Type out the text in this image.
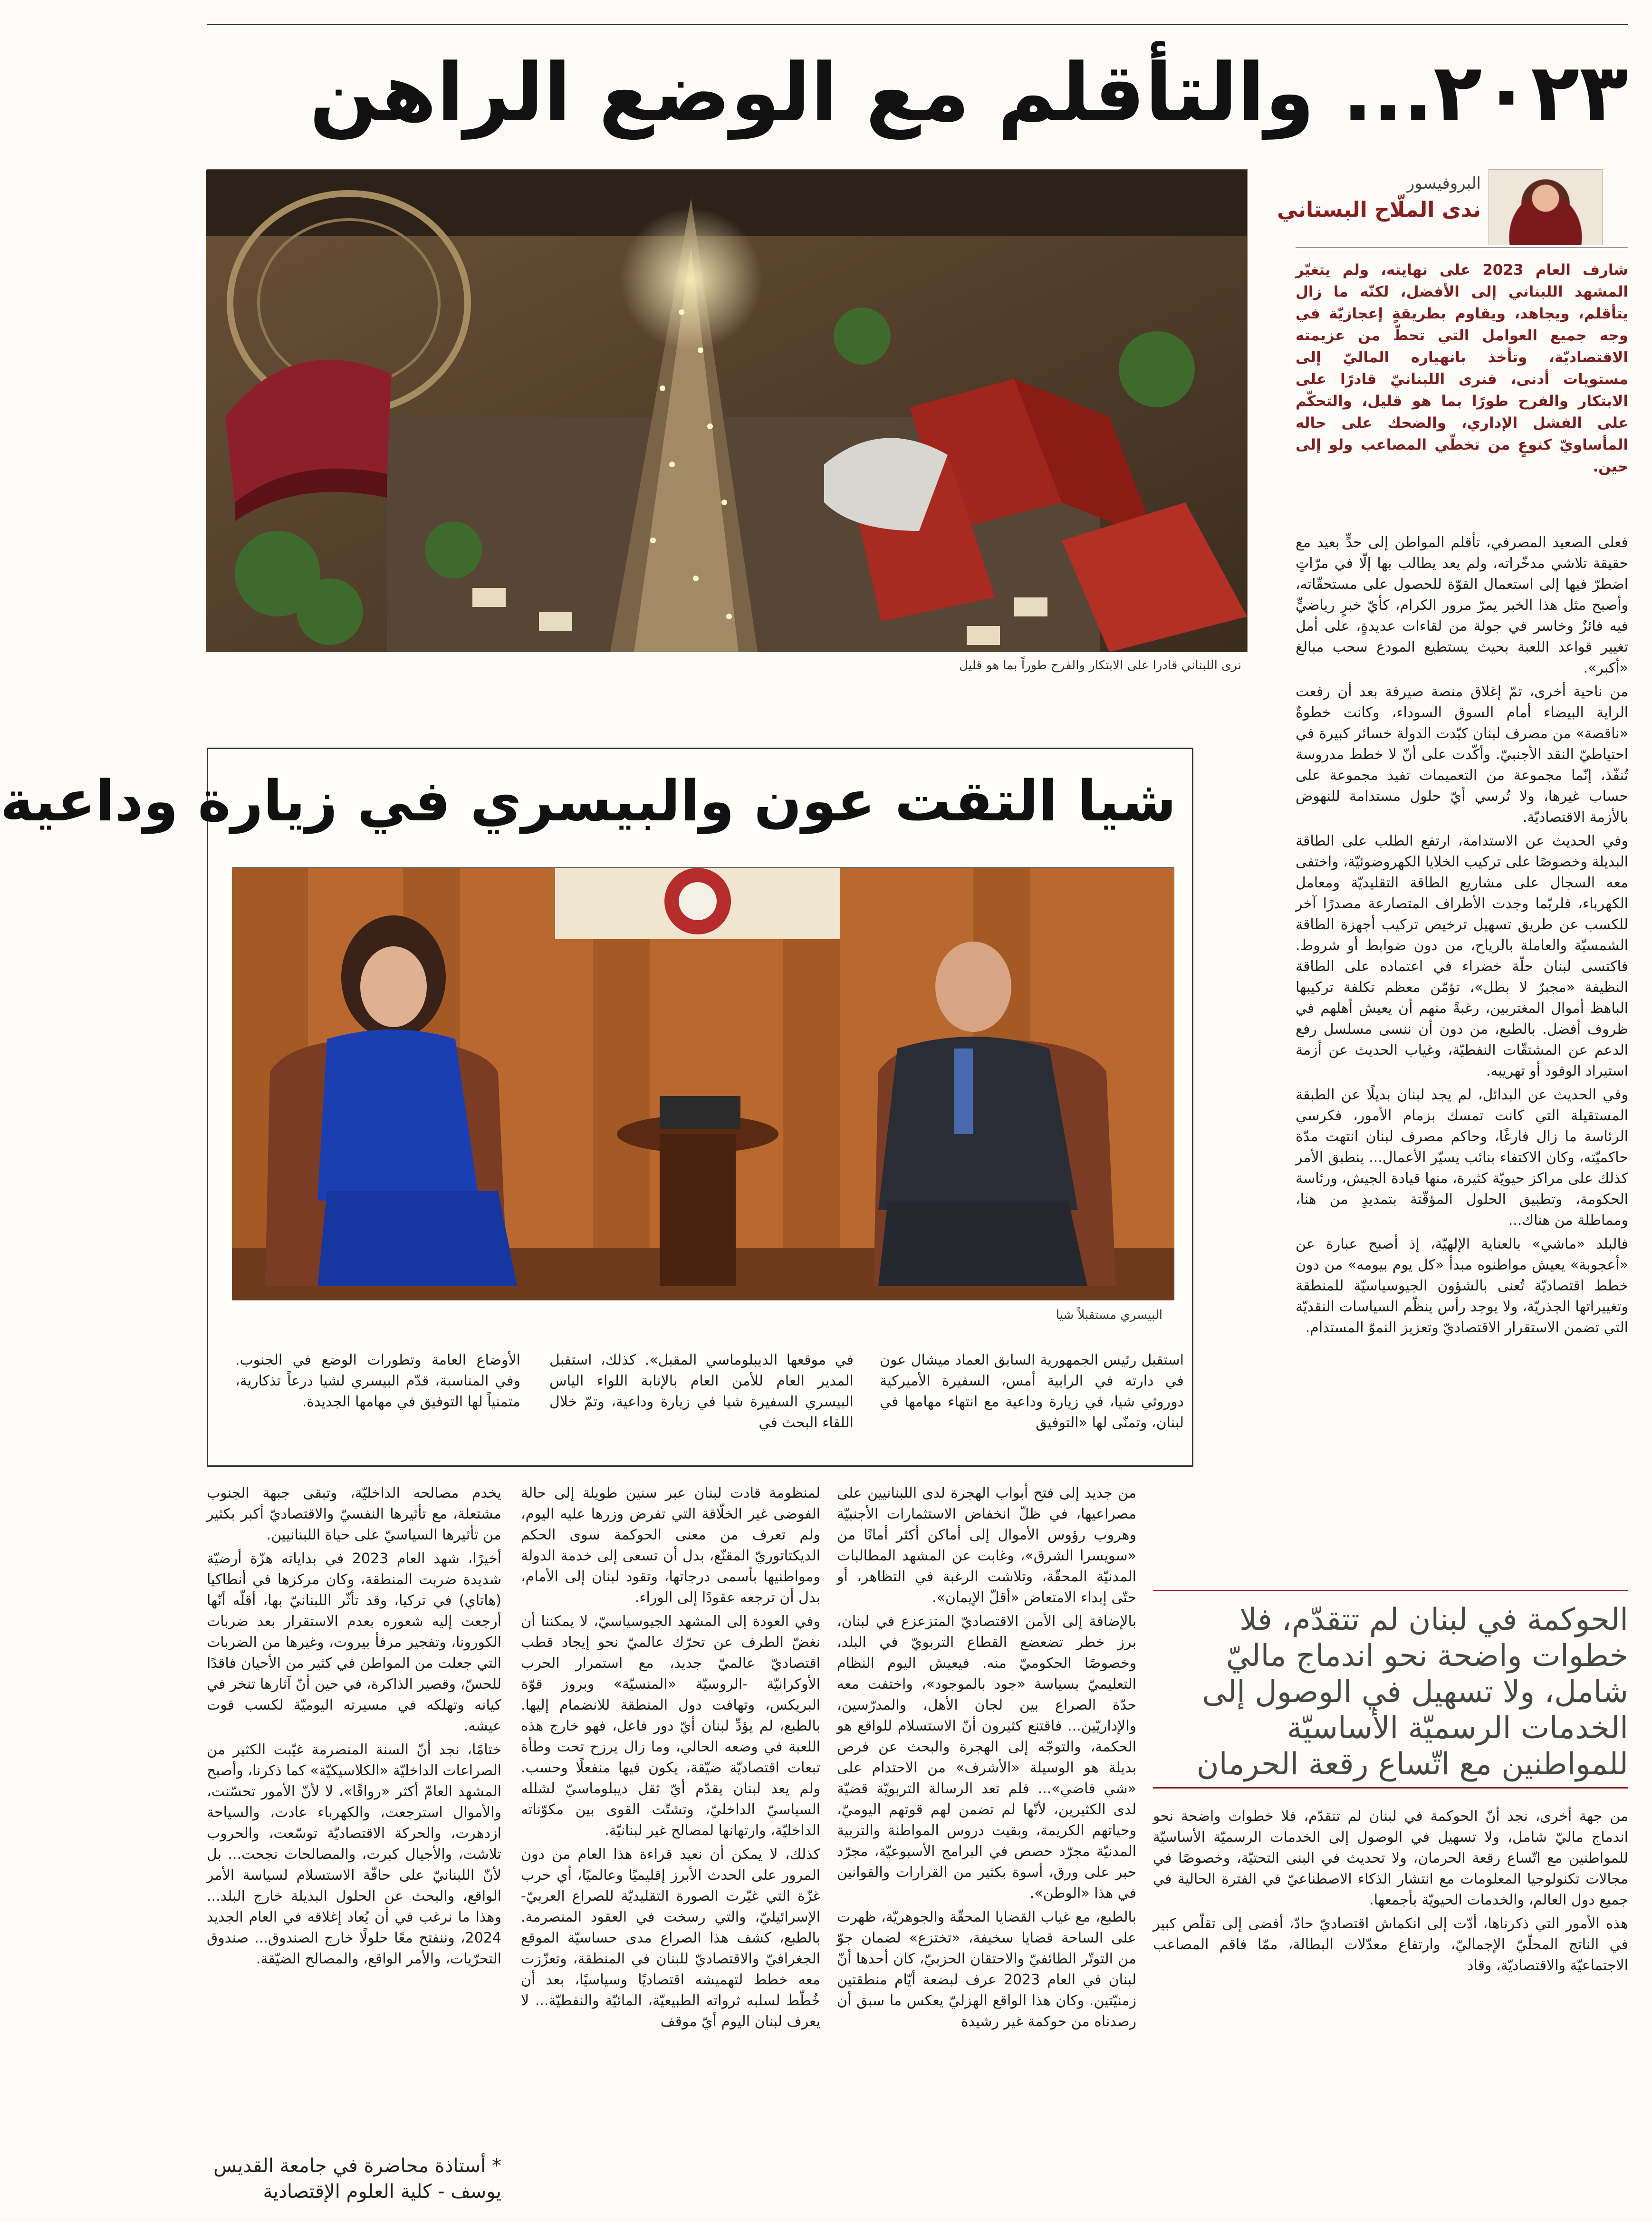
٢٠٢٣... والتأقلم مع الوضع الراهن
البروفيسور
ندى الملّاح البستاني

شارف العام 2023 على نهايته، ولم يتغيّر المشهد اللبناني إلى الأفضل، لكنّه ما زال يتأقلم، ويجاهد، ويقاوم بطريقةٍ إعجازيّة في وجه جميع العوامل التي تحطّ من عزيمته الاقتصاديّة، وتأخذ بانهياره الماليّ إلى مستويات أدنى، فنرى اللبنانيّ قادرًا على الابتكار والفرح طورًا بما هو قليل، والتحكّم على الفشل الإداري، والضحك على حاله المأساويّ كنوعٍ من تخطّي المصاعب ولو إلى حين.

نرى اللبناني قادرا على الابتكار والفرح طوراً بما هو قليل

فعلى الصعيد المصرفي، تأقلم المواطن إلى حدٍّ بعيد مع حقيقة تلاشي مدخّراته، ولم يعد يطالب بها إلّا في مرّاتٍ اضطرّ فيها إلى استعمال القوّة للحصول على مستحقّاته، وأصبح مثل هذا الخبر يمرّ مرور الكرام، كأيّ خبرٍ رياضيٍّ فيه فائزٌ وخاسر في جولة من لقاءات عديدةٍ، على أمل تغيير قواعد اللعبة بحيث يستطيع المودع سحب مبالغ «أكبر».

من ناحية أخرى، تمّ إغلاق منصة صيرفة بعد أن رفعت الراية البيضاء أمام السوق السوداء، وكانت خطوةٌ «ناقصة» من مصرف لبنان كبّدت الدولة خسائر كبيرة في احتياطيّ النقد الأجنبيّ. وأكّدت على أنّ لا خطط مدروسة تُنفّذ، إنّما مجموعة من التعميمات تفيد مجموعة على حساب غيرها، ولا تُرسي أيّ حلول مستدامة للنهوض بالأزمة الاقتصاديّة.

وفي الحديث عن الاستدامة، ارتفع الطلب على الطاقة البديلة وخصوصًا على تركيب الخلايا الكهروضوئيّة، واختفى معه السجال على مشاريع الطاقة التقليديّة ومعامل الكهرباء، فلربّما وجدت الأطراف المتصارعة مصدرًا آخر للكسب عن طريق تسهيل ترخيص تركيب أجهزة الطاقة الشمسيّة والعاملة بالرياح، من دون ضوابط أو شروط. فاكتسى لبنان حلّة خضراء في اعتماده على الطاقة النظيفة «مجبرٌ لا بطل»، تؤمّن معظم تكلفة تركيبها الباهظ أموال المغتربين، رغبةً منهم أن يعيش أهلهم في ظروف أفضل. بالطبع، من دون أن ننسى مسلسل رفع الدعم عن المشتقّات النفطيّة، وغياب الحديث عن أزمة استيراد الوقود أو تهريبه.

وفي الحديث عن البدائل، لم يجد لبنان بديلًا عن الطبقة المستقيلة التي كانت تمسك بزمام الأمور، فكرسي الرئاسة ما زال فارغًا، وحاكم مصرف لبنان انتهت مدّة حاكميّته، وكان الاكتفاء بنائب يسيّر الأعمال... ينطبق الأمر كذلك على مراكز حيويّة كثيرة، منها قيادة الجيش، ورئاسة الحكومة، وتطبيق الحلول المؤقّتة بتمديدٍ من هنا، ومماطلة من هناك...

فالبلد «ماشي» بالعناية الإلهيّة، إذ أصبح عبارة عن «أعجوبة» يعيش مواطنوه مبدأ «كل يوم بيومه» من دون خطط اقتصاديّة تُعنى بالشؤون الجيوسياسيّة للمنطقة وتغييراتها الجذريّة، ولا يوجد رأس ينظّم السياسات النقديّة التي تضمن الاستقرار الاقتصاديّ وتعزيز النموّ المستدام.

شيا التقت عون والبيسري في زيارة وداعية
البيسري مستقبلاً شيا

استقبل رئيس الجمهورية السابق العماد ميشال عون في دارته في الرابية أمس، السفيرة الأميركية دوروثي شيا، في زيارة وداعية مع انتهاء مهامها في لبنان، وتمنّى لها «التوفيق

في موقعها الديبلوماسي المقبل». كذلك، استقبل المدير العام للأمن العام بالإنابة اللواء الياس البيسري السفيرة شيا في زيارة وداعية، وتمّ خلال اللقاء البحث في

الأوضاع العامة وتطورات الوضع في الجنوب. وفي المناسبة، قدّم البيسري لشيا درعاً تذكارية، متمنياً لها التوفيق في مهامها الجديدة.

الحوكمة في لبنان لم تتقدّم، فلا خطوات واضحة نحو اندماج ماليّ شامل، ولا تسهيل في الوصول إلى الخدمات الرسميّة الأساسيّة للمواطنين مع اتّساع رقعة الحرمان

من جهة أخرى، نجد أنّ الحوكمة في لبنان لم تتقدّم، فلا خطوات واضحة نحو اندماج ماليّ شامل، ولا تسهيل في الوصول إلى الخدمات الرسميّة الأساسيّة للمواطنين مع اتّساع رقعة الحرمان، ولا تحديث في البنى التحتيّة، وخصوصًا في مجالات تكنولوجيا المعلومات مع انتشار الذكاء الاصطناعيّ في الفترة الحالية في جميع دول العالم، والخدمات الحيويّة بأجمعها.

هذه الأمور التي ذكرناها، أدّت إلى انكماش اقتصاديّ حادّ، أفضى إلى تقلّص كبير في الناتج المحلّيّ الإجماليّ، وارتفاع معدّلات البطالة، ممّا فاقم المصاعب الاجتماعيّة والاقتصاديّة، وقاد

من جديد إلى فتح أبواب الهجرة لدى اللبنانيين على مصراعيها، في ظلّ انخفاض الاستثمارات الأجنبيّة وهروب رؤوس الأموال إلى أماكن أكثر أمانًا من «سويسرا الشرق»، وغابت عن المشهد المطالبات المدنيّة المحقّة، وتلاشت الرغبة في التظاهر، أو حتّى إبداء الامتعاض «أقلّ الإيمان».

بالإضافة إلى الأمن الاقتصاديّ المتزعزع في لبنان، برز خطر تضعضع القطاع التربويّ في البلد، وخصوصًا الحكوميّ منه. فيعيش اليوم النظام التعليميّ بسياسة «جود بالموجود»، واختفت معه حدّة الصراع بين لجان الأهل، والمدرّسين، والإداريّين... فاقتنع كثيرون أنّ الاستسلام للواقع هو الحكمة، والتوجّه إلى الهجرة والبحث عن فرص بديلة هو الوسيلة «الأشرف» من الاحتدام على «شي فاضي»... فلم تعد الرسالة التربويّة قضيّة لدى الكثيرين، لأنّها لم تضمن لهم قوتهم اليوميّ، وحياتهم الكريمة، وبقيت دروس المواطنة والتربية المدنيّة مجرّد حصص في البرامج الأسبوعيّة، مجرّد حبر على ورق، أسوة بكثير من القرارات والقوانين في هذا «الوطن».

بالطبع، مع غياب القضايا المحقّة والجوهريّة، ظهرت على الساحة قضايا سخيفة، «تختزع» لضمان جوّ من التوتّر الطائفيّ والاحتقان الحزبيّ، كان أحدها أنّ لبنان في العام 2023 عرف لبضعة أيّام منطقتين زمنيّتين. وكان هذا الواقع الهزليّ يعكس ما سبق أن رصدناه من حوكمة غير رشيدة

لمنظومة قادت لبنان عبر سنين طويلة إلى حالة الفوضى غير الخلّاقة التي تفرض وزرها عليه اليوم، ولم تعرف من معنى الحوكمة سوى الحكم الديكتاتوريّ المقنّع، بدل أن تسعى إلى خدمة الدولة ومواطنيها بأسمى درجاتها، وتقود لبنان إلى الأمام، بدل أن ترجعه عقودًا إلى الوراء.

وفي العودة إلى المشهد الجيوسياسيّ، لا يمكننا أن نغضّ الطرف عن تحرّك عالميّ نحو إيجاد قطب اقتصاديّ عالميّ جديد، مع استمرار الحرب الأوكرانيّة -الروسيّة «المنسيّة» وبروز قوّة البريكس، وتهافت دول المنطقة للانضمام إليها. بالطبع، لم يؤدِّ لبنان أيّ دور فاعل، فهو خارج هذه اللعبة في وضعه الحالي، وما زال يرزح تحت وطأة تبعات اقتصاديّة ضيّقة، يكون فيها منفعلًا وحسب. ولم يعد لبنان يقدّم أيّ ثقل ديبلوماسيّ لشلله السياسيّ الداخليّ، وتشتّت القوى بين مكوّناته الداخليّة، وارتهانها لمصالح غير لبنانيّة.

كذلك، لا يمكن أن نعيد قراءة هذا العام من دون المرور على الحدث الأبرز إقليميًا وعالميًا، أي حرب غزّة التي غيّرت الصورة التقليديّة للصراع العربيّ-الإسرائيليّ، والتي رسخت في العقود المنصرمة. بالطبع، كشف هذا الصراع مدى حساسيّة الموقع الجغرافيّ والاقتصاديّ للبنان في المنطقة، وتعزّزت معه خطط لتهميشه اقتصاديًا وسياسيًا، بعد أن خُطّط لسلبه ثرواته الطبيعيّة، المائيّة والنفطيّة... لا يعرف لبنان اليوم أيّ موقف

يخدم مصالحه الداخليّة، وتبقى جبهة الجنوب مشتعلة، مع تأثيرها النفسيّ والاقتصاديّ أكبر بكثير من تأثيرها السياسيّ على حياة اللبنانيين.

أخيرًا، شهد العام 2023 في بداياته هزّة أرضيّة شديدة ضربت المنطقة، وكان مركزها في أنطاكيا (هاتاي) في تركيا، وقد تأثّر اللبنانيّ بها، أقلّه أنّها أرجعت إليه شعوره بعدم الاستقرار بعد ضربات الكورونا، وتفجير مرفأ بيروت، وغيرها من الضربات التي جعلت من المواطن في كثير من الأحيان فاقدًا للحسّ، وقصير الذاكرة، في حين أنّ آثارها تنخر في كيانه وتهلكه في مسيرته اليوميّة لكسب قوت عيشه.

ختامًا، نجد أنّ السنة المنصرمة غيّبت الكثير من الصراعات الداخليّة «الكلاسيكيّة» كما ذكرنا، وأصبح المشهد العامّ أكثر «رواقًا»، لا لأنّ الأمور تحسّنت، والأموال استرجعت، والكهرباء عادت، والسياحة ازدهرت، والحركة الاقتصاديّة توسّعت، والحروب تلاشت، والأجيال كبرت، والمصالحات نجحت... بل لأنّ اللبنانيّ على حافّة الاستسلام لسياسة الأمر الواقع، والبحث عن الحلول البديلة خارج البلد... وهذا ما نرغب في أن يُعاد إغلاقه في العام الجديد 2024، وننفتح معًا حلولًا خارج الصندوق... صندوق التحرّيات، والأمر الواقع، والمصالح الضيّقة.

* أستاذة محاضرة في جامعة القديس
يوسف - كلية العلوم الإقتصادية
